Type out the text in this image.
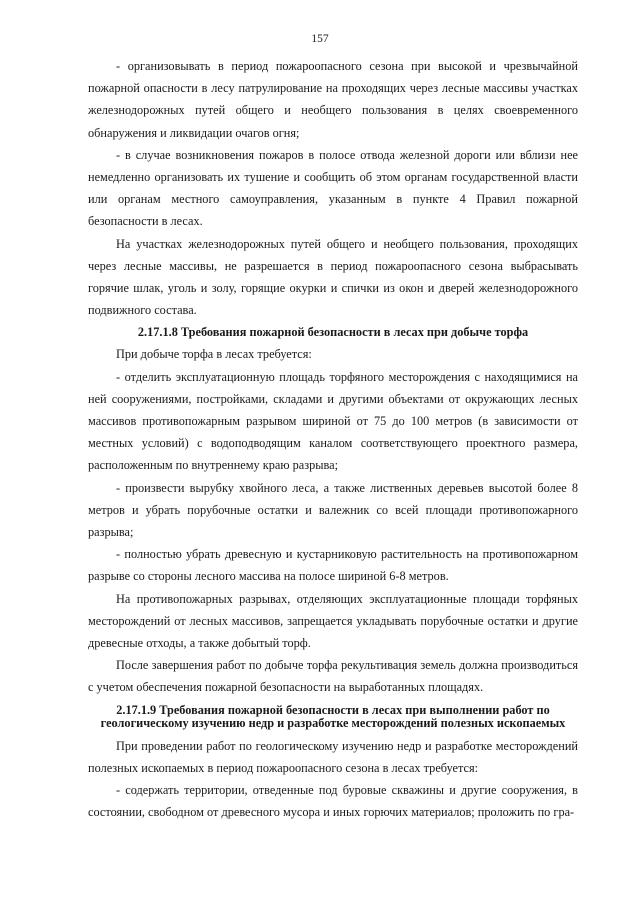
157

- организовывать в период пожароопасного сезона при высокой и чрезвычайной пожарной опасности в лесу патрулирование на проходящих через лесные массивы участках железнодорожных путей общего и необщего пользования в целях своевременного обнаружения и ликвидации очагов огня;

- в случае возникновения пожаров в полосе отвода железной дороги или вблизи нее немедленно организовать их тушение и сообщить об этом органам государственной власти или органам местного самоуправления, указанным в пункте 4 Правил пожарной безопасности в лесах.

На участках железнодорожных путей общего и необщего пользования, проходящих через лесные массивы, не разрешается в период пожароопасного сезона выбрасывать горячие шлак, уголь и золу, горящие окурки и спички из окон и дверей железнодорожного подвижного состава.

2.17.1.8 Требования пожарной безопасности в лесах при добыче торфа

При добыче торфа в лесах требуется:

- отделить эксплуатационную площадь торфяного месторождения с находящимися на ней сооружениями, постройками, складами и другими объектами от окружающих лесных массивов противопожарным разрывом шириной от 75 до 100 метров (в зависимости от местных условий) с водоподводящим каналом соответствующего проектного размера, расположенным по внутреннему краю разрыва;

- произвести вырубку хвойного леса, а также лиственных деревьев высотой более 8 метров и убрать порубочные остатки и валежник со всей площади противопожарного разрыва;

- полностью убрать древесную и кустарниковую растительность на противопожарном разрыве со стороны лесного массива на полосе шириной 6-8 метров.

На противопожарных разрывах, отделяющих эксплуатационные площади торфяных месторождений от лесных массивов, запрещается укладывать порубочные остатки и другие древесные отходы, а также добытый торф.

После завершения работ по добыче торфа рекультивация земель должна производиться с учетом обеспечения пожарной безопасности на выработанных площадях.

2.17.1.9 Требования пожарной безопасности в лесах при выполнении работ по геологическому изучению недр и разработке месторождений полезных ископаемых

При проведении работ по геологическому изучению недр и разработке месторождений полезных ископаемых в период пожароопасного сезона в лесах требуется:

- содержать территории, отведенные под буровые скважины и другие сооружения, в состоянии, свободном от древесного мусора и иных горючих материалов; проложить по гра-
